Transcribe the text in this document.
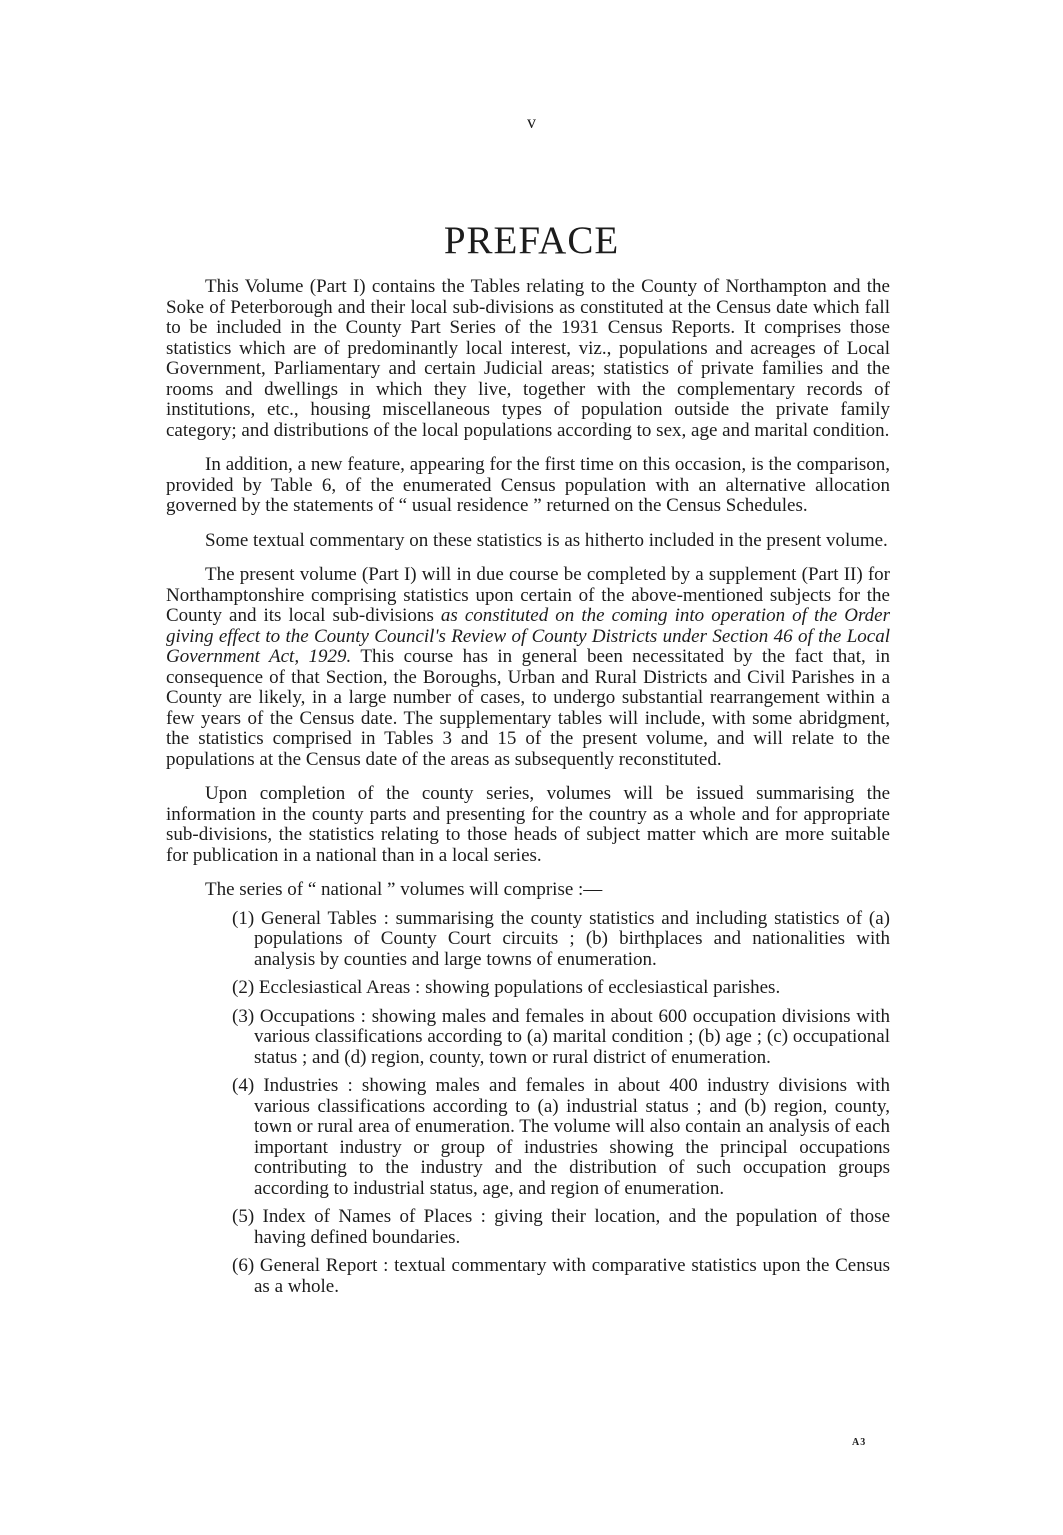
v
PREFACE

This Volume (Part I) contains the Tables relating to the County of Northampton and the Soke of Peterborough and their local sub-divisions as constituted at the Census date which fall to be included in the County Part Series of the 1931 Census Reports. It comprises those statistics which are of predominantly local interest, viz., populations and acreages of Local Government, Parliamentary and certain Judicial areas; statistics of private families and the rooms and dwellings in which they live, together with the complementary records of institutions, etc., housing miscellaneous types of population outside the private family category; and distributions of the local populations according to sex, age and marital condition.

In addition, a new feature, appearing for the first time on this occasion, is the comparison, provided by Table 6, of the enumerated Census population with an alternative allocation governed by the statements of “ usual residence ” returned on the Census Schedules.

Some textual commentary on these statistics is as hitherto included in the present volume.

The present volume (Part I) will in due course be completed by a supplement (Part II) for Northamptonshire comprising statistics upon certain of the above-mentioned subjects for the County and its local sub-divisions as constituted on the coming into operation of the Order giving effect to the County Council's Review of County Districts under Section 46 of the Local Government Act, 1929. This course has in general been necessitated by the fact that, in consequence of that Section, the Boroughs, Urban and Rural Districts and Civil Parishes in a County are likely, in a large number of cases, to undergo substantial rearrangement within a few years of the Census date. The supplementary tables will include, with some abridgment, the statistics comprised in Tables 3 and 15 of the present volume, and will relate to the populations at the Census date of the areas as subsequently reconstituted.

Upon completion of the county series, volumes will be issued summarising the information in the county parts and presenting for the country as a whole and for appropriate sub-divisions, the statistics relating to those heads of subject matter which are more suitable for publication in a national than in a local series.

The series of “ national ” volumes will comprise :—

(1) General Tables : summarising the county statistics and including statistics of (a) populations of County Court circuits ; (b) birthplaces and nationalities with analysis by counties and large towns of enumeration.
(2) Ecclesiastical Areas : showing populations of ecclesiastical parishes.
(3) Occupations : showing males and females in about 600 occupation divisions with various classifications according to (a) marital condition ; (b) age ; (c) occupational status ; and (d) region, county, town or rural district of enumeration.
(4) Industries : showing males and females in about 400 industry divisions with various classifications according to (a) industrial status ; and (b) region, county, town or rural area of enumeration. The volume will also contain an analysis of each important industry or group of industries showing the principal occupations contributing to the industry and the distribution of such occupation groups according to industrial status, age, and region of enumeration.
(5) Index of Names of Places : giving their location, and the population of those having defined boundaries.
(6) General Report : textual commentary with comparative statistics upon the Census as a whole.
A3
